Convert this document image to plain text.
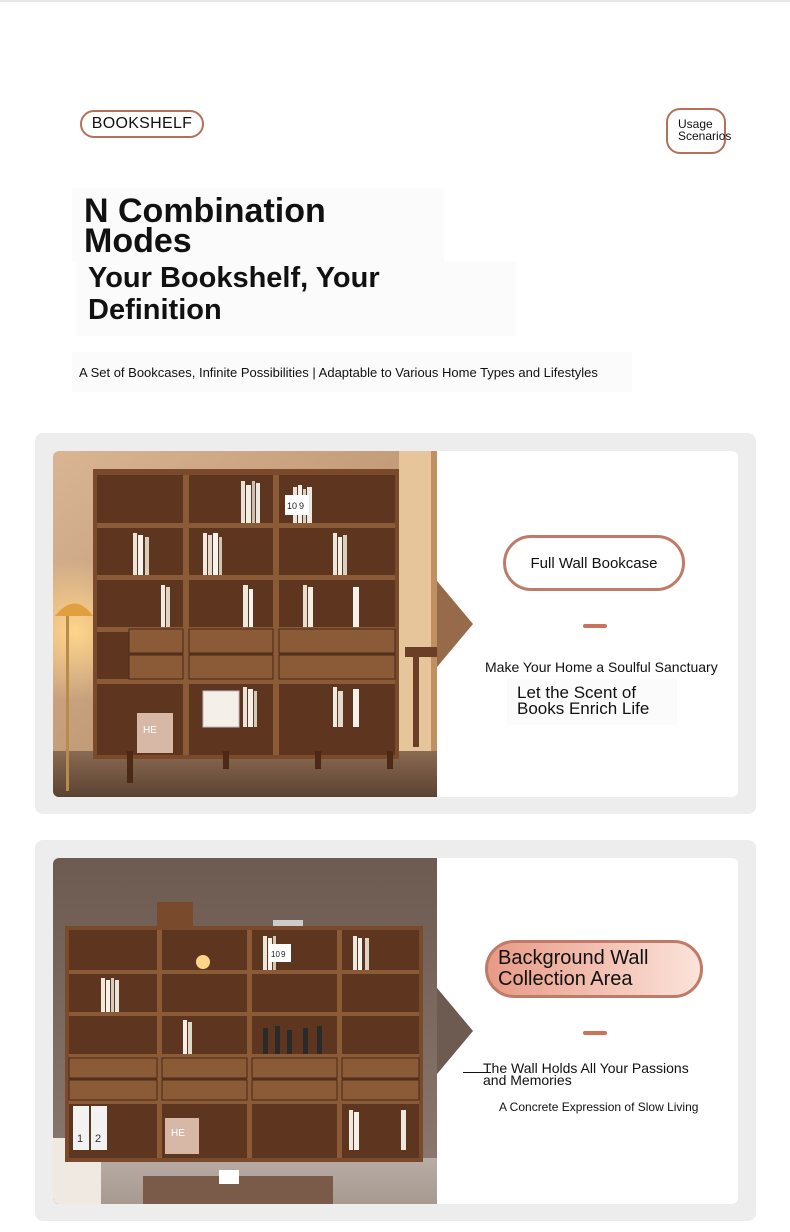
BOOKSHELF	Usage
Scenarios
N Combination
Modes
Your Bookshelf, Your
Definition
A Set of Bookcases, Infinite Possibilities | Adaptable to Various Home Types and Lifestyles
10 9
HE
Full Wall Bookcase
Make Your Home a Soulful Sanctuary
Let the Scent of
Books Enrich Life
10 9
HE
1 2
Background Wall
Collection Area
The Wall Holds All Your Passions
and Memories
A Concrete Expression of Slow Living
